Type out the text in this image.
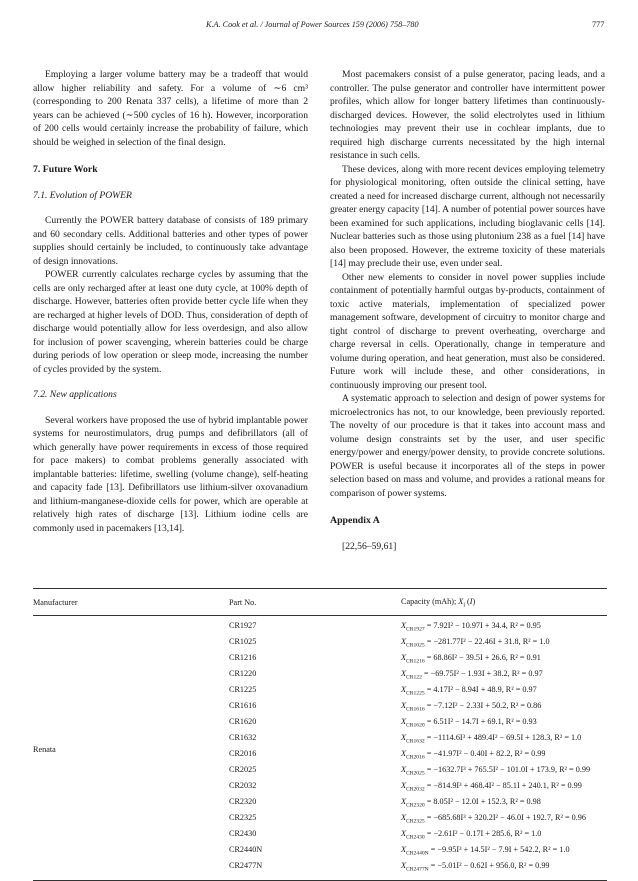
K.A. Cook et al. / Journal of Power Sources 159 (2006) 758–780	777

Employing a larger volume battery may be a tradeoff that would allow higher reliability and safety. For a volume of ∼6 cm³ (corresponding to 200 Renata 337 cells), a lifetime of more than 2 years can be achieved (∼500 cycles of 16 h). However, incorporation of 200 cells would certainly increase the probability of failure, which should be weighed in selection of the final design.

7. Future Work
7.1. Evolution of POWER

Currently the POWER battery database of consists of 189 primary and 60 secondary cells. Additional batteries and other types of power supplies should certainly be included, to continuously take advantage of design innovations.

POWER currently calculates recharge cycles by assuming that the cells are only recharged after at least one duty cycle, at 100% depth of discharge. However, batteries often provide better cycle life when they are recharged at higher levels of DOD. Thus, consideration of depth of discharge would potentially allow for less overdesign, and also allow for inclusion of power scavenging, wherein batteries could be charge during periods of low operation or sleep mode, increasing the number of cycles provided by the system.

7.2. New applications

Several workers have proposed the use of hybrid implantable power systems for neurostimulators, drug pumps and defibrillators (all of which generally have power requirements in excess of those required for pace makers) to combat problems generally associated with implantable batteries: lifetime, swelling (volume change), self-heating and capacity fade [13]. Defibrillators use lithium-silver oxovanadium and lithium-manganese-dioxide cells for power, which are operable at relatively high rates of discharge [13]. Lithium iodine cells are commonly used in pacemakers [13,14].

Most pacemakers consist of a pulse generator, pacing leads, and a controller. The pulse generator and controller have intermittent power profiles, which allow for longer battery lifetimes than continuously-discharged devices. However, the solid electrolytes used in lithium technologies may prevent their use in cochlear implants, due to required high discharge currents necessitated by the high internal resistance in such cells.

These devices, along with more recent devices employing telemetry for physiological monitoring, often outside the clinical setting, have created a need for increased discharge current, although not necessarily greater energy capacity [14]. A number of potential power sources have been examined for such applications, including bioglavanic cells [14]. Nuclear batteries such as those using plutonium 238 as a fuel [14] have also been proposed. However, the extreme toxicity of these materials [14] may preclude their use, even under seal.

Other new elements to consider in novel power supplies include containment of potentially harmful outgas by-products, containment of toxic active materials, implementation of specialized power management software, development of circuitry to monitor charge and tight control of discharge to prevent overheating, overcharge and charge reversal in cells. Operationally, change in temperature and volume during operation, and heat generation, must also be considered. Future work will include these, and other considerations, in continuously improving our present tool.

A systematic approach to selection and design of power systems for microelectronics has not, to our knowledge, been previously reported. The novelty of our procedure is that it takes into account mass and volume design constraints set by the user, and user specific energy/power and energy/power density, to provide concrete solutions. POWER is useful because it incorporates all of the steps in power selection based on mass and volume, and provides a rational means for comparison of power systems.

Appendix A

[22,56–59,61]

Manufacturer	Part No.	Capacity (mAh); $X_i$ (I)
Renata	CR1927	$X_{CR1927} = 7.92I^2 - 10.97I + 34.4$, R² = 0.95
	CR1025	$X_{CR1025} = -281.77I^2 - 22.46I + 31.8$, R² = 1.0
	CR1216	$X_{CR1216} = 68.86I^2 - 39.5I + 26.6$, R² = 0.91
	CR1220	$X_{CR122} = -69.75I^2 - 1.93I + 38.2$, R² = 0.97
	CR1225	$X_{CR1225} = 4.17I^2 - 8.94I + 48.9$, R² = 0.97
	CR1616	$X_{CR1616} = -7.12I^2 - 2.33I + 50.2$, R² = 0.86
	CR1620	$X_{CR1620} = 6.51I^2 - 14.7I + 69.1$, R² = 0.93
	CR1632	$X_{CR1632} = -1114.6I^3 + 489.4I^2 - 69.5I + 128.3$, R² = 1.0
	CR2016	$X_{CR2016} = -41.97I^2 - 0.40I + 82.2$, R² = 0.99
	CR2025	$X_{CR2025} = -1632.7I^3 + 765.5I^2 - 101.0I + 173.9$, R² = 0.99
	CR2032	$X_{CR2032} = -814.9I^3 + 468.4I^2 - 85.1I + 240.1$, R² = 0.99
	CR2320	$X_{CR2320} = 8.05I^2 - 12.0I + 152.3$, R² = 0.98
	CR2325	$X_{CR2325} = -685.68I^3 + 320.2I^2 - 46.0I + 192.7$, R² = 0.96
	CR2430	$X_{CR2430} = -2.61I^2 - 0.17I + 285.6$, R² = 1.0
	CR2440N	$X_{CR2440N} = -9.95I^3 + 14.5I^2 - 7.9I + 542.2$, R² = 1.0
	CR2477N	$X_{CR2477N} = -5.01I^2 - 0.62I + 956.0$, R² = 0.99
